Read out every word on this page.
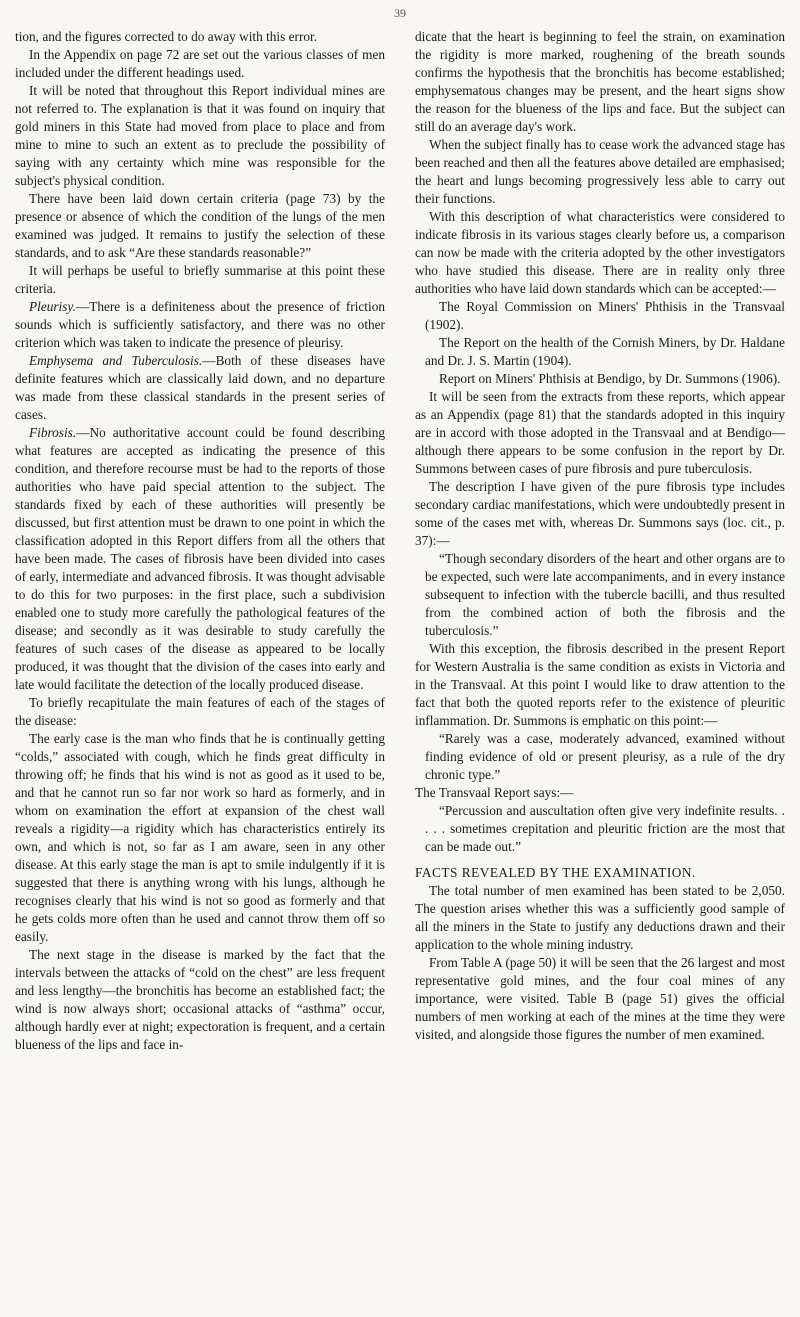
39

tion, and the figures corrected to do away with this error.

In the Appendix on page 72 are set out the various classes of men included under the different headings used.

It will be noted that throughout this Report individual mines are not referred to. The explanation is that it was found on inquiry that gold miners in this State had moved from place to place and from mine to mine to such an extent as to preclude the possibility of saying with any certainty which mine was responsible for the subject's physical condition.

There have been laid down certain criteria (page 73) by the presence or absence of which the condition of the lungs of the men examined was judged. It remains to justify the selection of these standards, and to ask “Are these standards reasonable?”

It will perhaps be useful to briefly summarise at this point these criteria.

Pleurisy.—There is a definiteness about the presence of friction sounds which is sufficiently satisfactory, and there was no other criterion which was taken to indicate the presence of pleurisy.

Emphysema and Tuberculosis.—Both of these diseases have definite features which are classically laid down, and no departure was made from these classical standards in the present series of cases.

Fibrosis.—No authoritative account could be found describing what features are accepted as indicating the presence of this condition, and therefore recourse must be had to the reports of those authorities who have paid special attention to the subject. The standards fixed by each of these authorities will presently be discussed, but first attention must be drawn to one point in which the classification adopted in this Report differs from all the others that have been made. The cases of fibrosis have been divided into cases of early, intermediate and advanced fibrosis. It was thought advisable to do this for two purposes: in the first place, such a subdivision enabled one to study more carefully the pathological features of the disease; and secondly as it was desirable to study carefully the features of such cases of the disease as appeared to be locally produced, it was thought that the division of the cases into early and late would facilitate the detection of the locally produced disease.

To briefly recapitulate the main features of each of the stages of the disease:

The early case is the man who finds that he is continually getting “colds,” associated with cough, which he finds great difficulty in throwing off; he finds that his wind is not as good as it used to be, and that he cannot run so far nor work so hard as formerly, and in whom on examination the effort at expansion of the chest wall reveals a rigidity—a rigidity which has characteristics entirely its own, and which is not, so far as I am aware, seen in any other disease. At this early stage the man is apt to smile indulgently if it is suggested that there is anything wrong with his lungs, although he recognises clearly that his wind is not so good as formerly and that he gets colds more often than he used and cannot throw them off so easily.

The next stage in the disease is marked by the fact that the intervals between the attacks of “cold on the chest” are less frequent and less lengthy—the bronchitis has become an established fact; the wind is now always short; occasional attacks of “asthma” occur, although hardly ever at night; expectoration is frequent, and a certain blueness of the lips and face in-

dicate that the heart is beginning to feel the strain, on examination the rigidity is more marked, roughening of the breath sounds confirms the hypothesis that the bronchitis has become established; emphysematous changes may be present, and the heart signs show the reason for the blueness of the lips and face. But the subject can still do an average day's work.

When the subject finally has to cease work the advanced stage has been reached and then all the features above detailed are emphasised; the heart and lungs becoming progressively less able to carry out their functions.

With this description of what characteristics were considered to indicate fibrosis in its various stages clearly before us, a comparison can now be made with the criteria adopted by the other investigators who have studied this disease. There are in reality only three authorities who have laid down standards which can be accepted:—

The Royal Commission on Miners' Phthisis in the Transvaal (1902).

The Report on the health of the Cornish Miners, by Dr. Haldane and Dr. J. S. Martin (1904).

Report on Miners' Phthisis at Bendigo, by Dr. Summons (1906).

It will be seen from the extracts from these reports, which appear as an Appendix (page 81) that the standards adopted in this inquiry are in accord with those adopted in the Transvaal and at Bendigo—although there appears to be some confusion in the report by Dr. Summons between cases of pure fibrosis and pure tuberculosis.

The description I have given of the pure fibrosis type includes secondary cardiac manifestations, which were undoubtedly present in some of the cases met with, whereas Dr. Summons says (loc. cit., p. 37):—

“Though secondary disorders of the heart and other organs are to be expected, such were late accompaniments, and in every instance subsequent to infection with the tubercle bacilli, and thus resulted from the combined action of both the fibrosis and the tuberculosis.”

With this exception, the fibrosis described in the present Report for Western Australia is the same condition as exists in Victoria and in the Transvaal. At this point I would like to draw attention to the fact that both the quoted reports refer to the existence of pleuritic inflammation. Dr. Summons is emphatic on this point:—

“Rarely was a case, moderately advanced, examined without finding evidence of old or present pleurisy, as a rule of the dry chronic type.”

The Transvaal Report says:—

“Percussion and auscultation often give very indefinite results. . . . . sometimes crepitation and pleuritic friction are the most that can be made out.”

FACTS REVEALED BY THE EXAMINATION.

The total number of men examined has been stated to be 2,050. The question arises whether this was a sufficiently good sample of all the miners in the State to justify any deductions drawn and their application to the whole mining industry.

From Table A (page 50) it will be seen that the 26 largest and most representative gold mines, and the four coal mines of any importance, were visited. Table B (page 51) gives the official numbers of men working at each of the mines at the time they were visited, and alongside those figures the number of men examined.
